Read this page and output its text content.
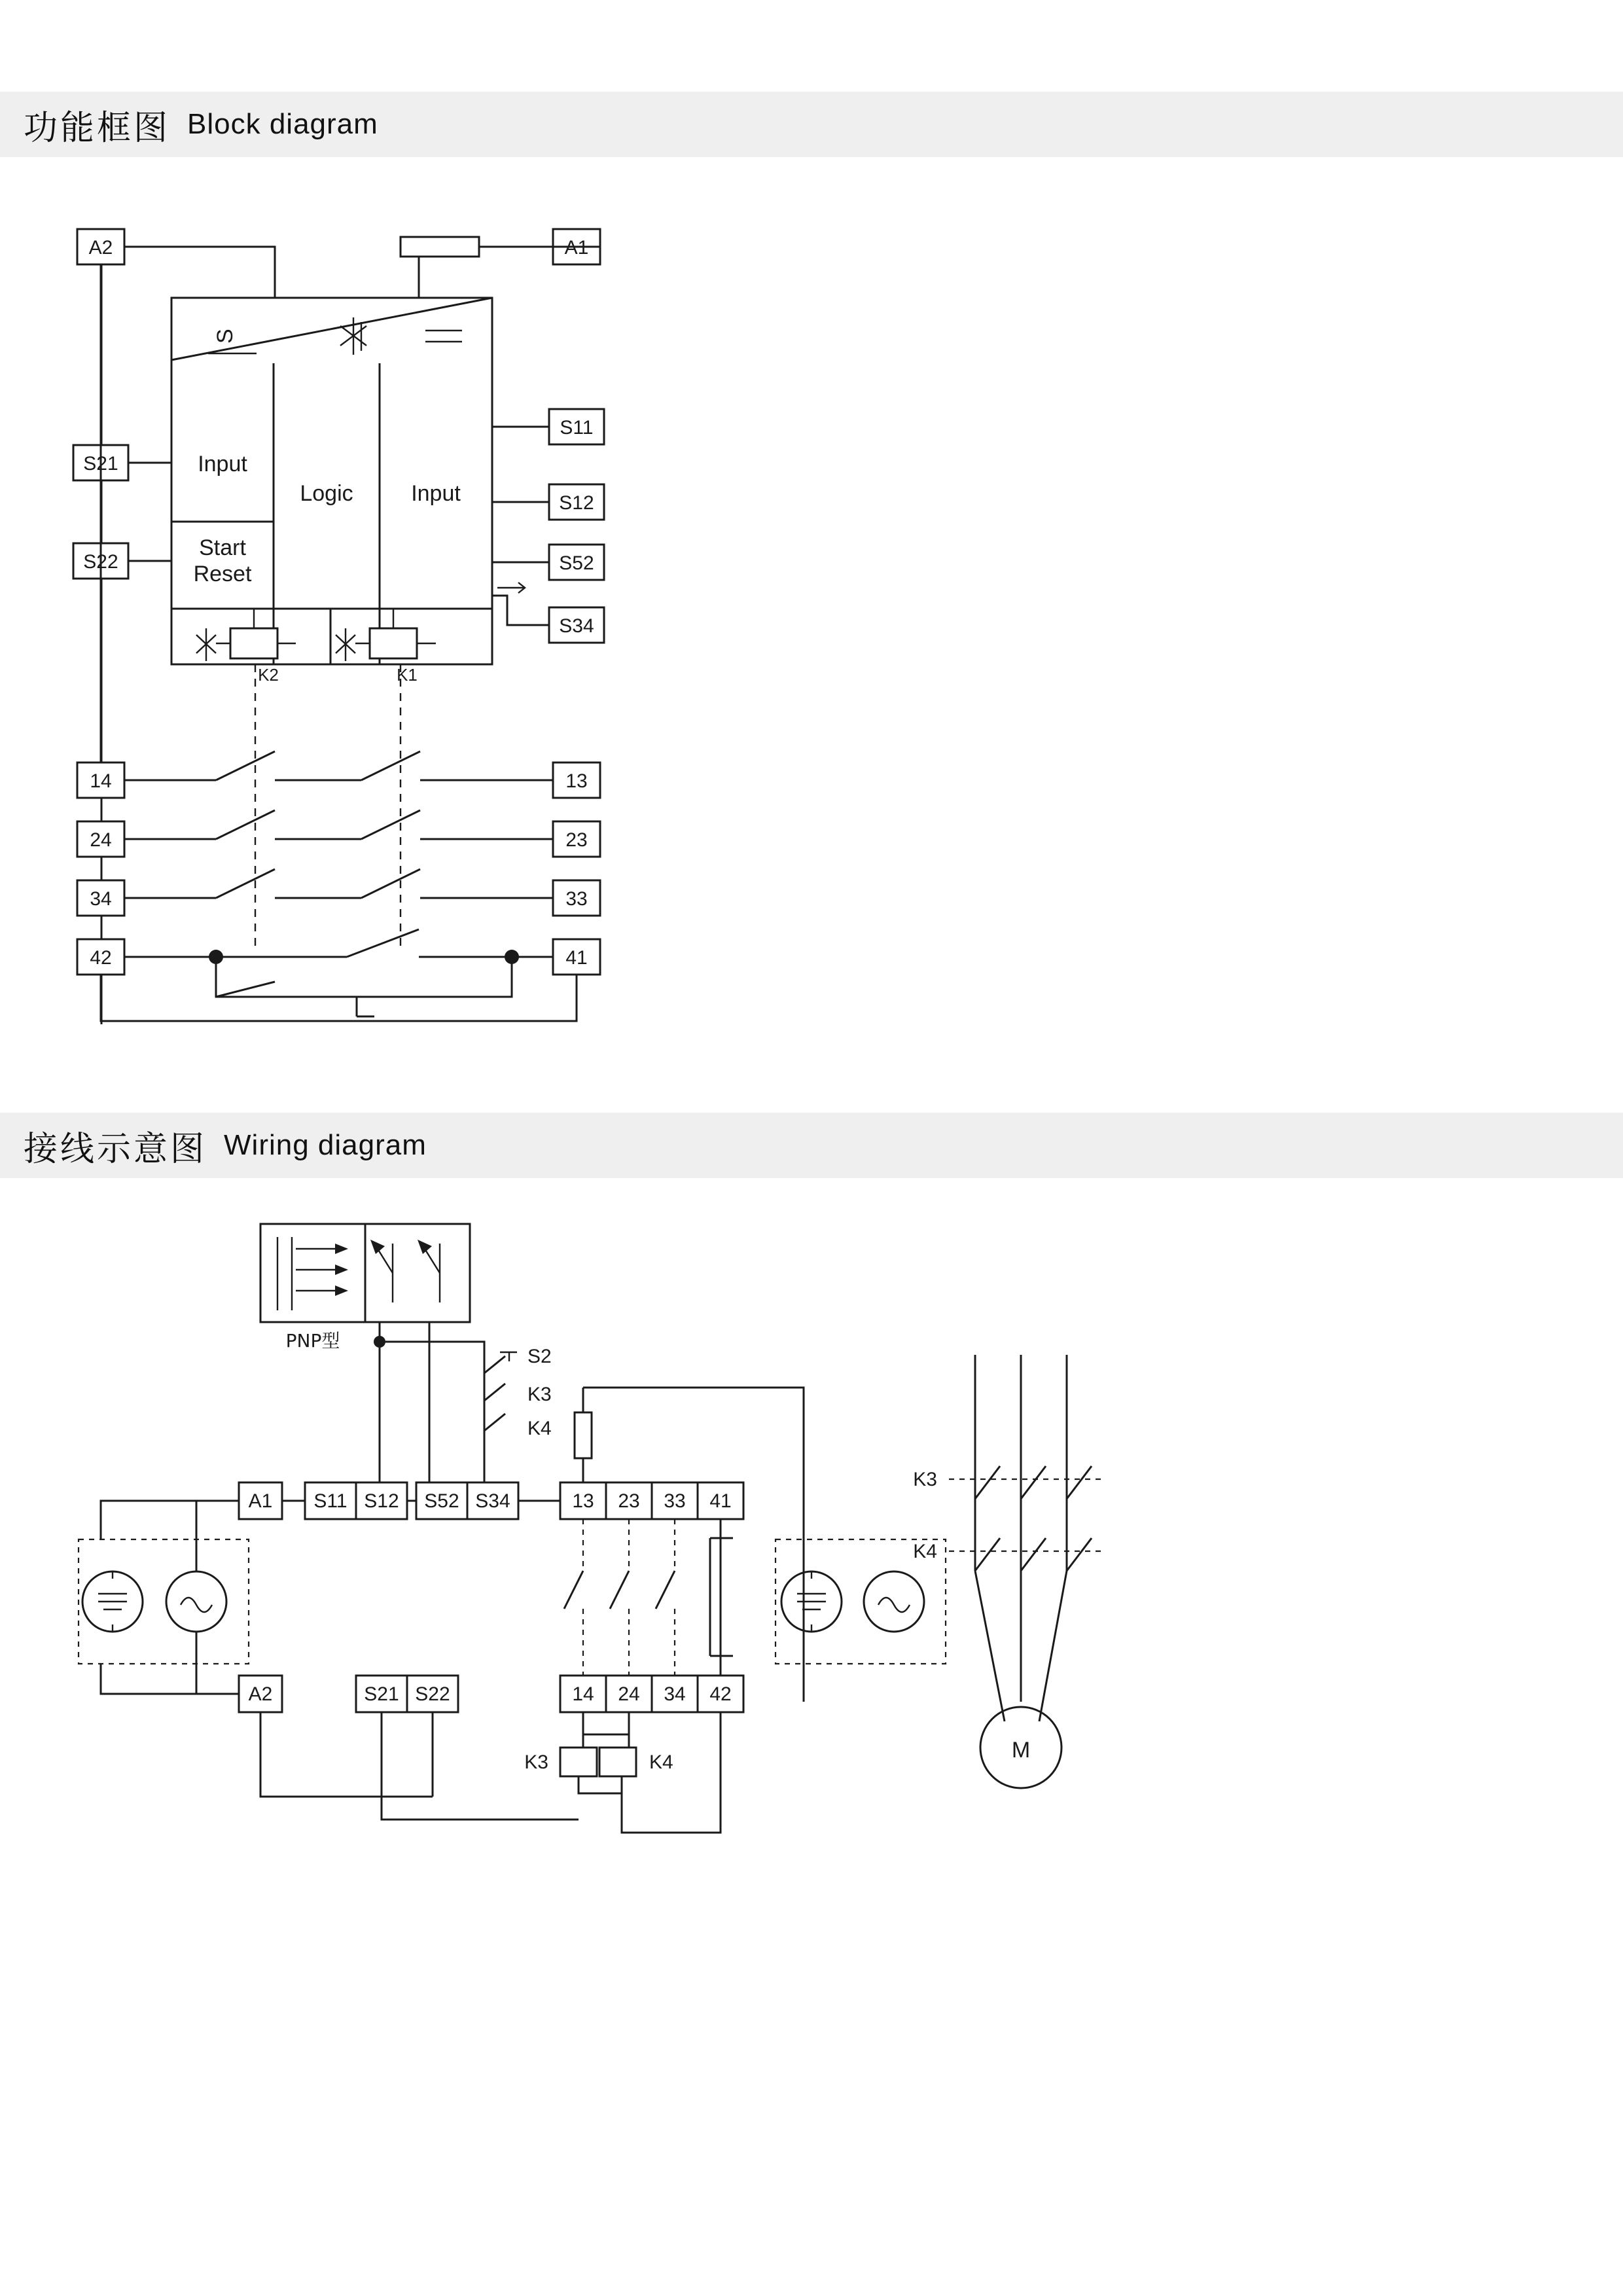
功能框图 Block diagram
A2
S21
S22
A1
S11
S12
S52
S34
14
24
34
42
13
23
33
41
S
Input
Start
Reset
Logic	Input
K2	K1
接线示意图 Wiring diagram
PNP型
S2
K3
K4
A1 S11 S12 S52 S34	13 23 33 41
A2	S21 S22	14 24 34 42
K3	K4
K3
K4
M
